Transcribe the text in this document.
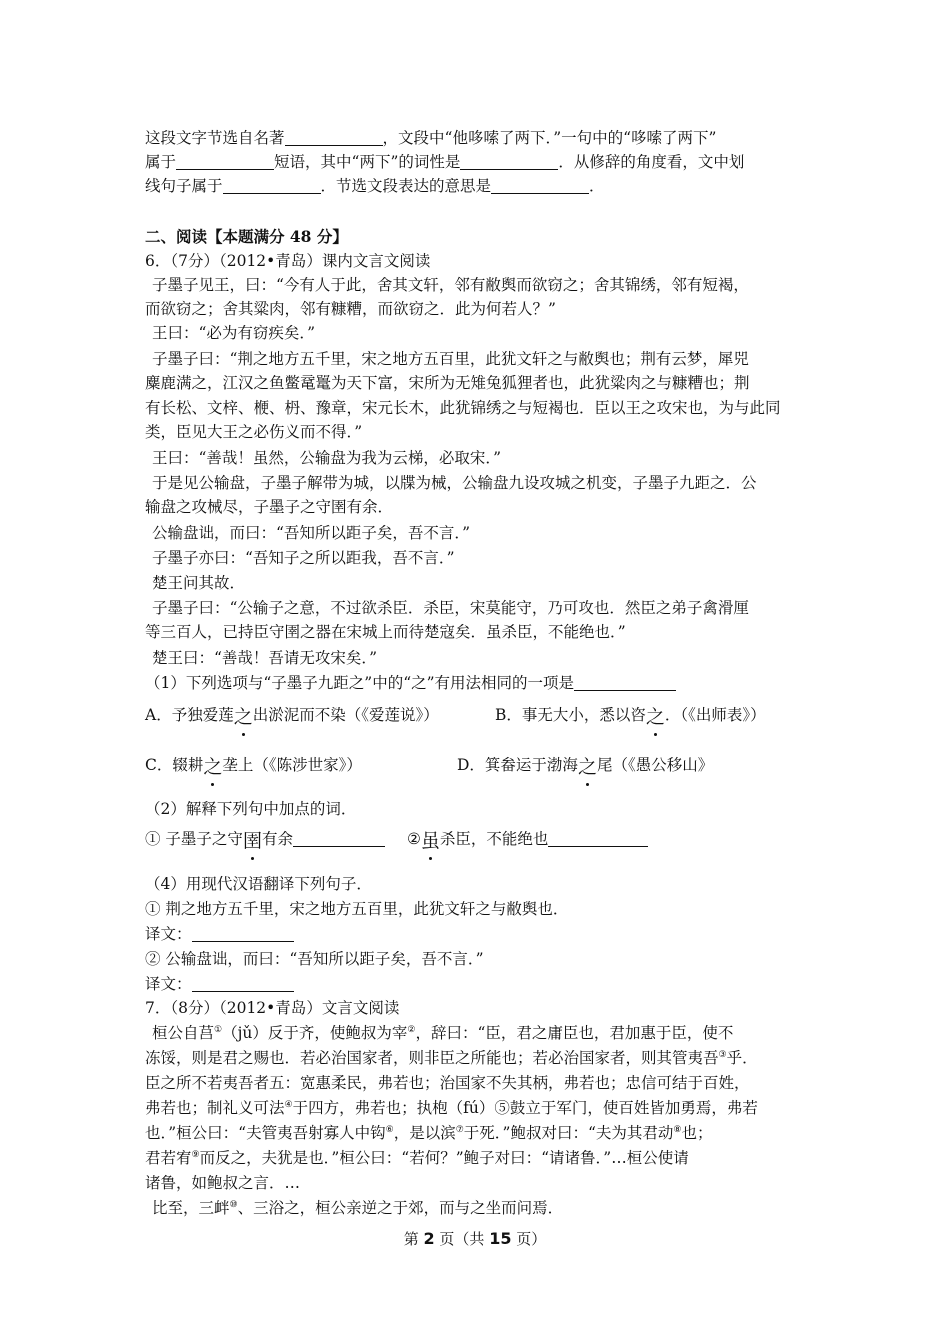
这段文字节选自名著	，文段中“他哆嗦了两下．”一句中的“哆嗦了两下”
属于	短语，其中“两下”的词性是	．从修辞的角度看，文中划
线句子属于	．节选文段表达的意思是	．
二、阅读【本题满分 48 分】
6．（7分）（2012•青岛）课内文言文阅读
子墨子见王，曰：“今有人于此，舍其文轩，邻有敝舆而欲窃之；舍其锦绣，邻有短褐，
而欲窃之；舍其粱肉，邻有糠糟，而欲窃之．此为何若人？”
王曰：“必为有窃疾矣．”
子墨子曰：“荆之地方五千里，宋之地方五百里，此犹文轩之与敝舆也；荆有云梦，犀兕
麋鹿满之，江汉之鱼鳖鼋鼍为天下富，宋所为无雉兔狐狸者也，此犹粱肉之与糠糟也；荆
有长松、文梓、楩、枬、豫章，宋元长木，此犹锦绣之与短褐也．臣以王之攻宋也，为与此同
类，臣见大王之必伤义而不得．”
王曰：“善哉！虽然，公输盘为我为云梯，必取宋．”
于是见公输盘，子墨子解带为城，以牒为械，公输盘九设攻城之机变，子墨子九距之．公
输盘之攻械尽，子墨子之守圉有余．
公输盘诎，而曰：“吾知所以距子矣，吾不言．”
子墨子亦曰：“吾知子之所以距我，吾不言．”
楚王问其故．
子墨子曰：“公输子之意，不过欲杀臣．杀臣，宋莫能守，乃可攻也．然臣之弟子禽滑厘
等三百人，已持臣守圉之器在宋城上而待楚寇矣．虽杀臣，不能绝也．”
楚王曰：“善哉！吾请无攻宋矣．”
（1）下列选项与“子墨子九距之”中的“之”有用法相同的一项是
A．予独爱莲之出淤泥而不染（《爱莲说》）	B．事无大小，悉以咨之．（《出师表》）
C．辍耕之垄上（《陈涉世家》）	D．箕畚运于渤海之尾（《愚公移山》
（2）解释下列句中加点的词．
① 子墨子之守圉有余	②虽杀臣，不能绝也
（4）用现代汉语翻译下列句子．
① 荆之地方五千里，宋之地方五百里，此犹文轩之与敝舆也．
译文：
② 公输盘诎，而曰：“吾知所以距子矣，吾不言．”
译文：
7．（8分）（2012•青岛）文言文阅读
桓公自莒①（jǔ）反于齐，使鲍叔为宰②，辞曰：“臣，君之庸臣也，君加惠于臣，使不
冻馁，则是君之赐也．若必治国家者，则非臣之所能也；若必治国家者，则其管夷吾③乎．
臣之所不若夷吾者五：宽惠柔民，弗若也；治国家不失其柄，弗若也；忠信可结于百姓，
弗若也；制礼义可法④于四方，弗若也；执枹（fú）⑤鼓立于军门，使百姓皆加勇焉，弗若
也．”桓公曰：“夫管夷吾射寡人中钩⑥，是以滨⑦于死．”鲍叔对曰：“夫为其君动⑧也；
君若宥⑨而反之，夫犹是也．”桓公曰：“若何？”鲍子对曰：“请诸鲁．”…桓公使请
诸鲁，如鲍叔之言．…
比至，三衅⑩、三浴之，桓公亲逆之于郊，而与之坐而问焉．
第 2 页（共 15 页）
